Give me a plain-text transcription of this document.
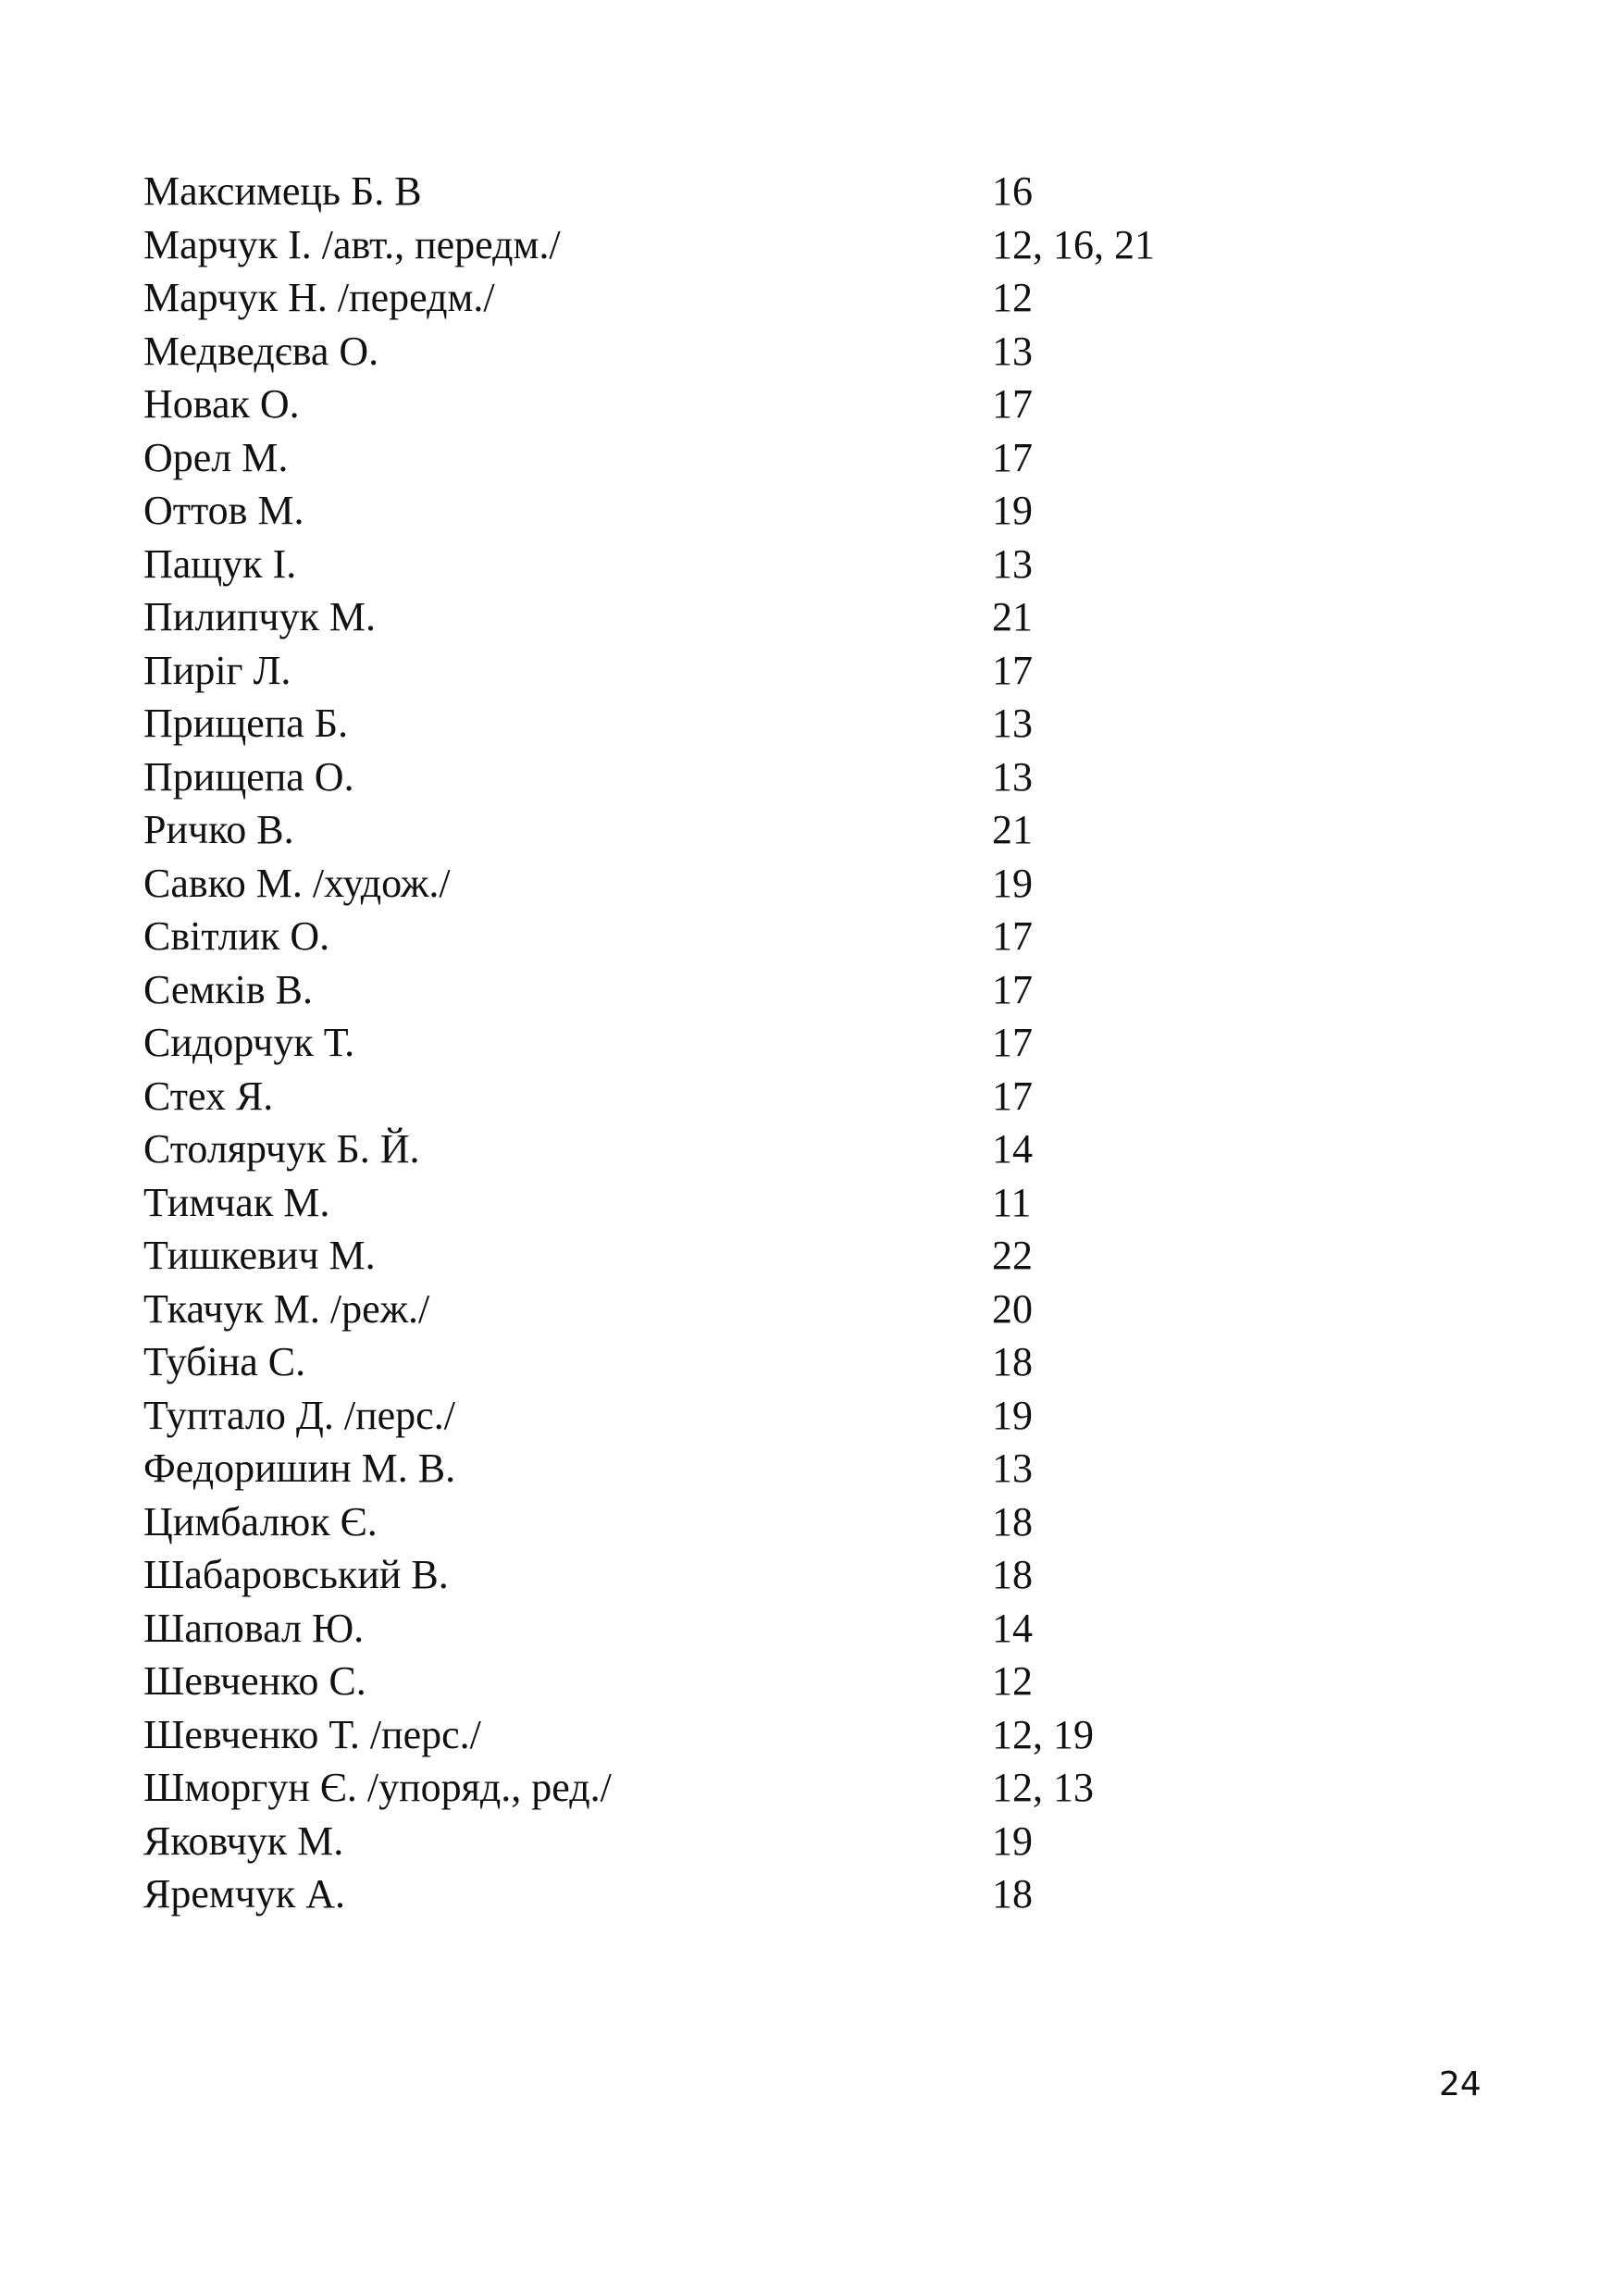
Максимець Б. В	16
Марчук І. /авт., передм./	12, 16, 21
Марчук Н. /передм./	12
Медведєва О.	13
Новак О.	17
Орел М.	17
Оттов М.	19
Пащук І.	13
Пилипчук М.	21
Пиріг Л.	17
Прищепа Б.	13
Прищепа О.	13
Ричко В.	21
Савко М. /худож./	19
Світлик О.	17
Семків В.	17
Сидорчук Т.	17
Стех Я.	17
Столярчук Б. Й.	14
Тимчак М.	11
Тишкевич М.	22
Ткачук М. /реж./	20
Тубіна С.	18
Туптало Д. /перс./	19
Федоришин М. В.	13
Цимбалюк Є.	18
Шабаровський В.	18
Шаповал Ю.	14
Шевченко С.	12
Шевченко Т. /перс./	12, 19
Шморгун Є. /упоряд., ред./	12, 13
Яковчук М.	19
Яремчук А.	18
24
